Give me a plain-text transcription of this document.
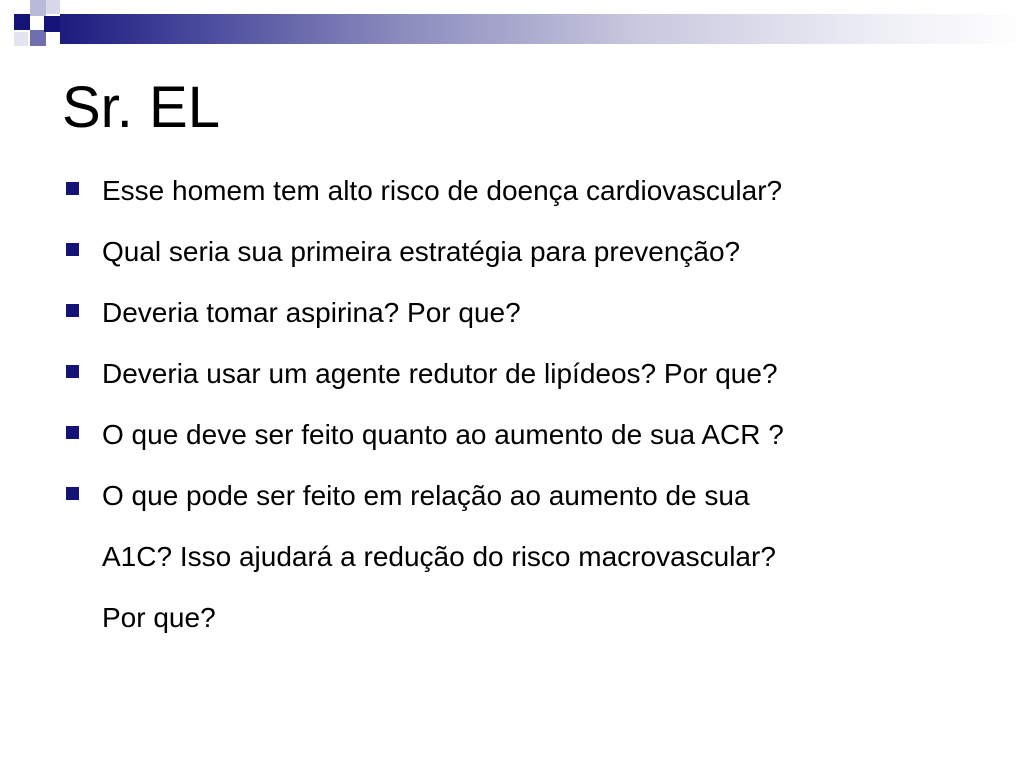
Sr. EL
Esse homem tem alto risco de doença cardiovascular?
Qual seria sua primeira estratégia para prevenção?
Deveria tomar aspirina? Por que?
Deveria usar um agente redutor de lipídeos? Por que?
O que deve ser feito quanto ao aumento de sua ACR ?
O que pode ser feito em relação ao aumento de sua
A1C? Isso ajudará a redução do risco macrovascular?
Por que?
